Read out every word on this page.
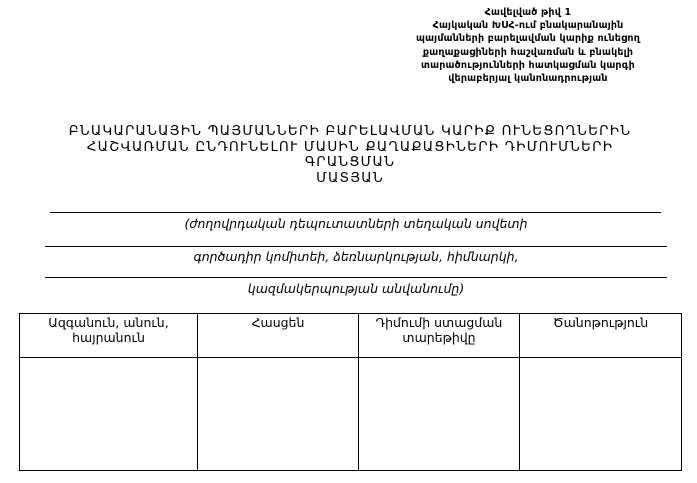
Հավելված թիվ 1
Հայկական ԽՍՀ-ում բնակարանային
պայմանների բարելավման կարիք ունեցող
քաղաքացիների հաշվառման և բնակելի
տարածությունների հատկացման կարգի
վերաբերյալ կանոնադրության
ԲՆԱԿԱՐԱՆԱՅԻՆ ՊԱՅՄԱՆՆԵՐԻ ԲԱՐԵԼԱՎՄԱՆ ԿԱՐԻՔ ՈՒՆԵՑՈՂՆԵՐԻՆ
ՀԱՇՎԱՌՄԱՆ ԸՆԴՈՒՆԵԼՈՒ ՄԱՍԻՆ ՔԱՂԱՔԱՑԻՆԵՐԻ ԴԻՄՈՒՄՆԵՐԻ ԳՐԱՆՑՄԱՆ
ՄԱՏՅԱՆ
(ժողովրդական դեպուտատների տեղական սովետի
գործադիր կոմիտեի, ձեռնարկության, հիմնարկի,
կազմակերպության անվանումը)
Ազգանուն, անուն, հայրանուն	Հասցեն	Դիմումի ստացման տարեթիվը	Ծանոթություն
